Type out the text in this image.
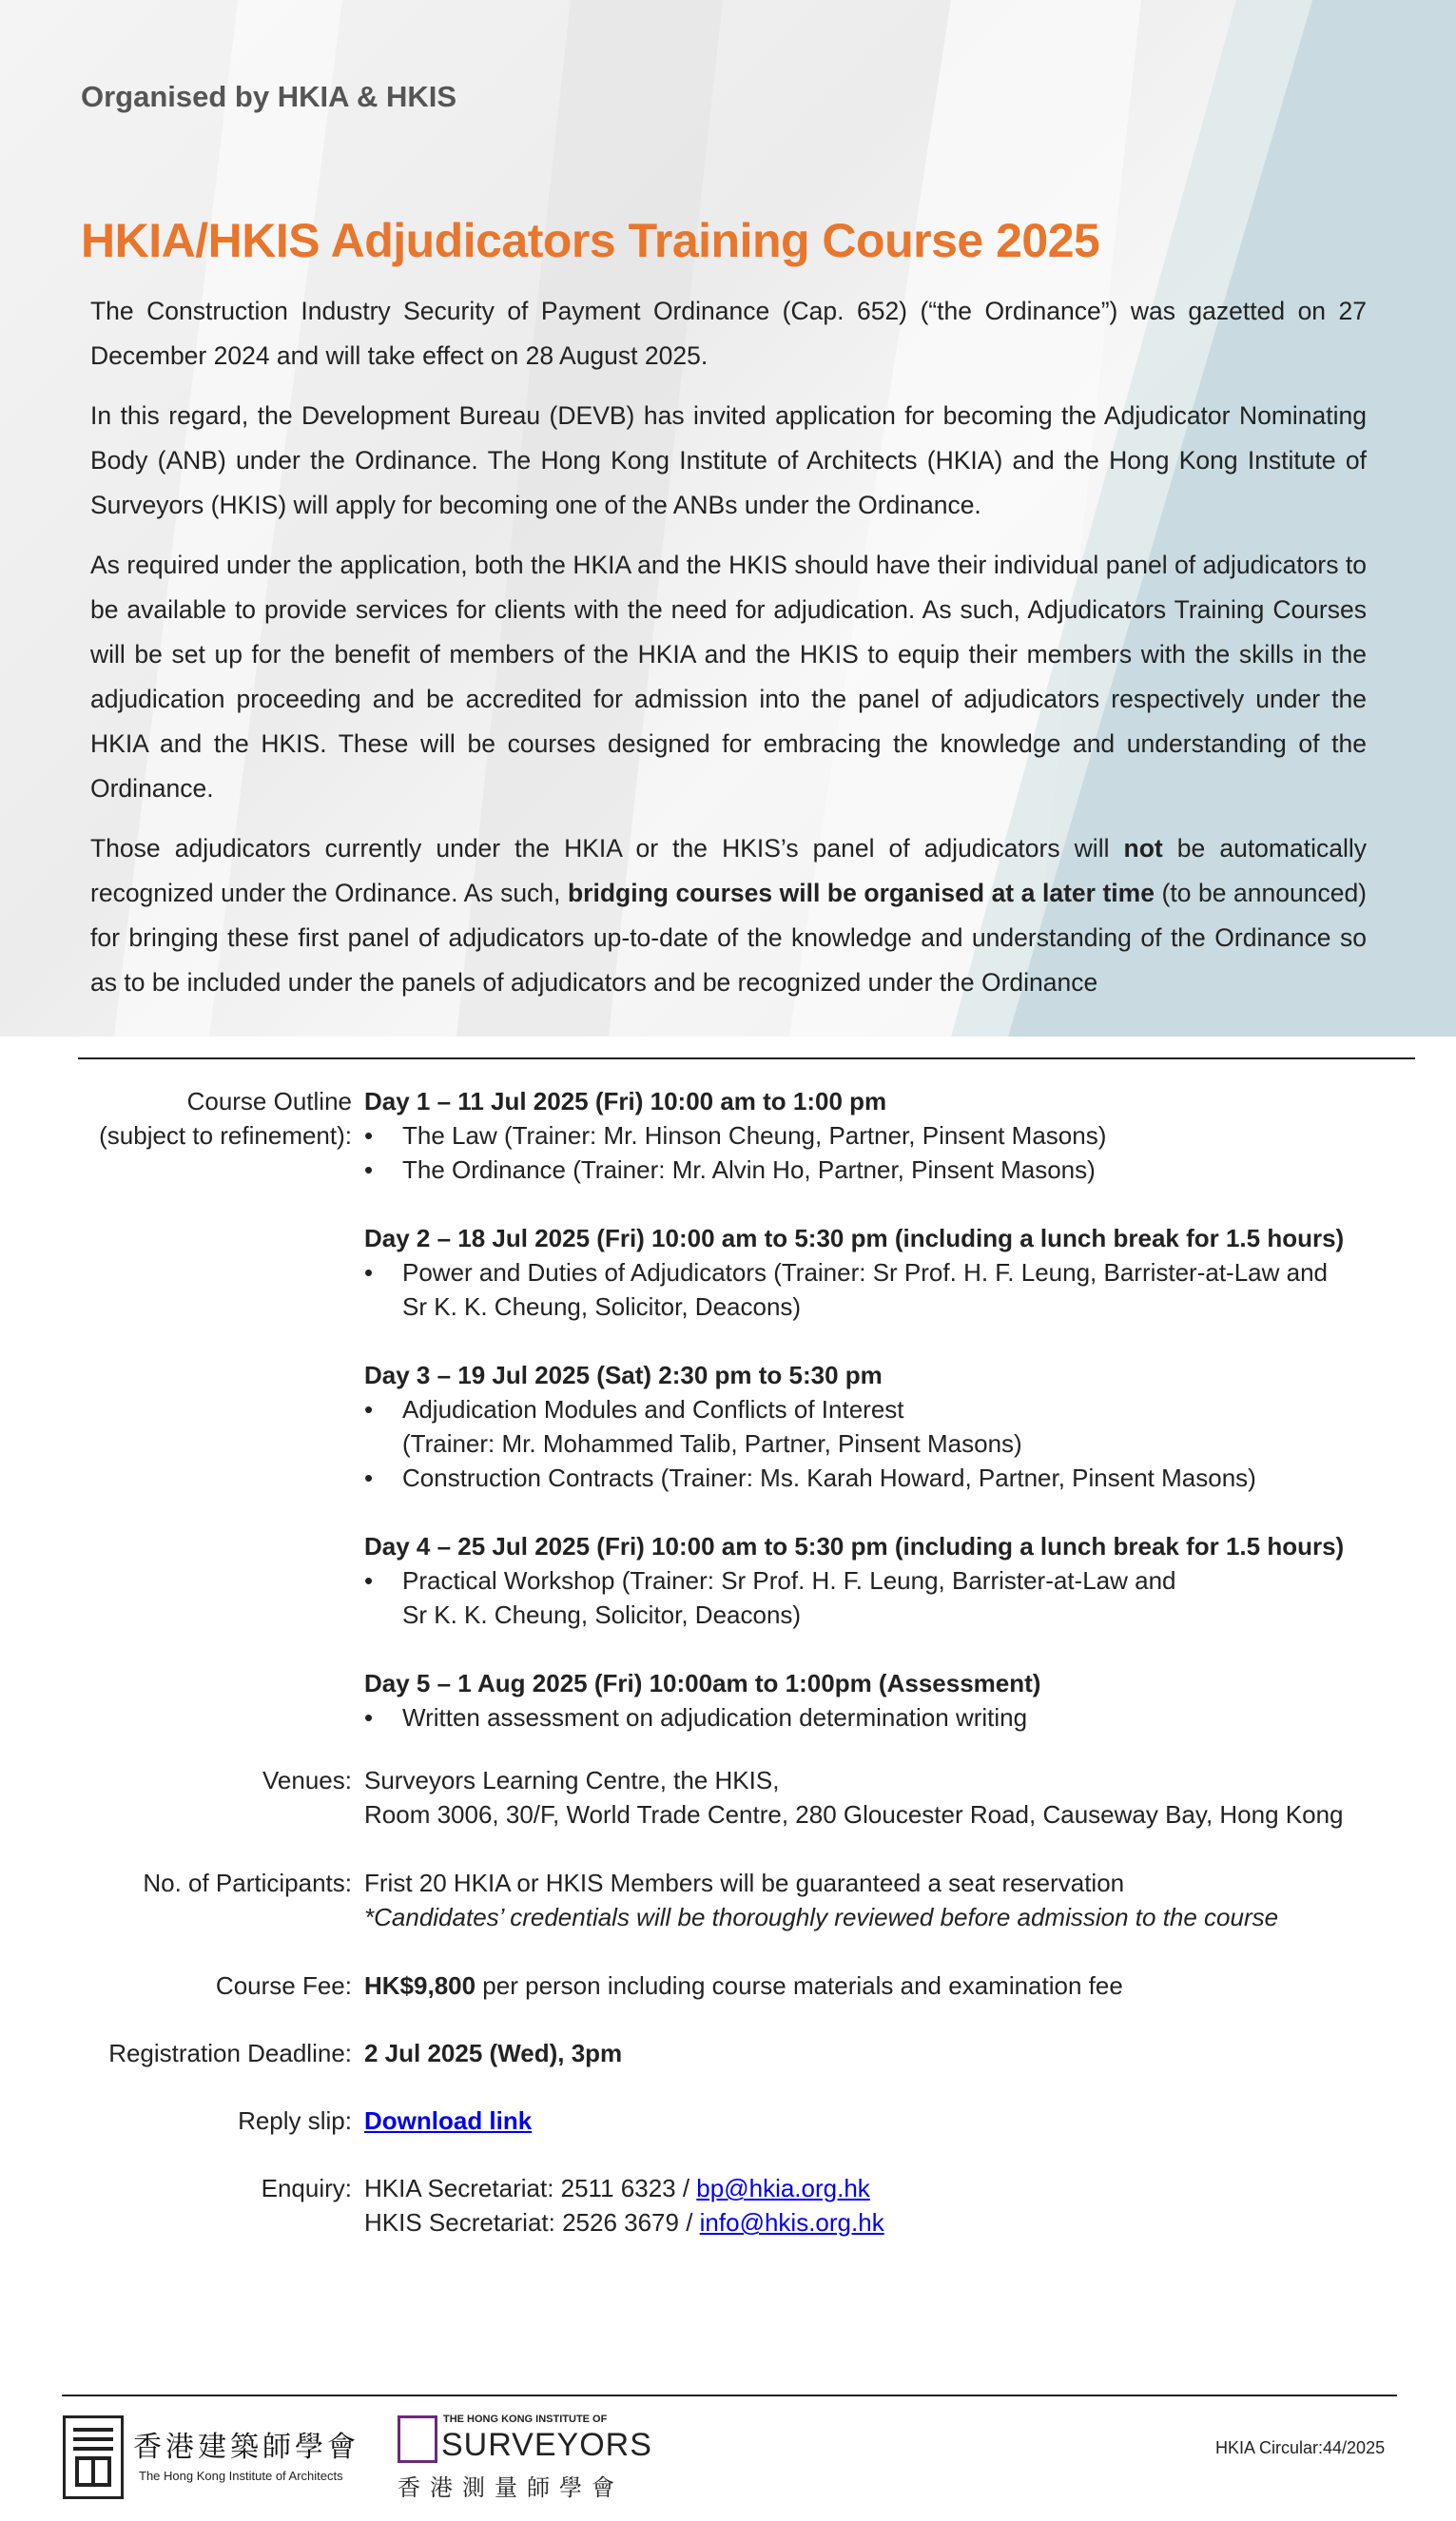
Organised by HKIA & HKIS
HKIA/HKIS Adjudicators Training Course 2025

The Construction Industry Security of Payment Ordinance (Cap. 652) (“the Ordinance”) was gazetted on 27 December 2024 and will take effect on 28 August 2025.

In this regard, the Development Bureau (DEVB) has invited application for becoming the Adjudicator Nominating Body (ANB) under the Ordinance. The Hong Kong Institute of Architects (HKIA) and the Hong Kong Institute of Surveyors (HKIS) will apply for becoming one of the ANBs under the Ordinance.

As required under the application, both the HKIA and the HKIS should have their individual panel of adjudicators to be available to provide services for clients with the need for adjudication. As such, Adjudicators Training Courses will be set up for the benefit of members of the HKIA and the HKIS to equip their members with the skills in the adjudication proceeding and be accredited for admission into the panel of adjudicators respectively under the HKIA and the HKIS. These will be courses designed for embracing the knowledge and understanding of the Ordinance.

Those adjudicators currently under the HKIA or the HKIS’s panel of adjudicators will not be automatically recognized under the Ordinance. As such, bridging courses will be organised at a later time (to be announced) for bringing these first panel of adjudicators up-to-date of the knowledge and understanding of the Ordinance so as to be included under the panels of adjudicators and be recognized under the Ordinance

Course Outline
(subject to refinement):
Day 1 – 11 Jul 2025 (Fri) 10:00 am to 1:00 pm
• The Law (Trainer: Mr. Hinson Cheung, Partner, Pinsent Masons)
• The Ordinance (Trainer: Mr. Alvin Ho, Partner, Pinsent Masons)
Day 2 – 18 Jul 2025 (Fri) 10:00 am to 5:30 pm (including a lunch break for 1.5 hours)
• Power and Duties of Adjudicators (Trainer: Sr Prof. H. F. Leung, Barrister-at-Law and
Sr K. K. Cheung, Solicitor, Deacons)
Day 3 – 19 Jul 2025 (Sat) 2:30 pm to 5:30 pm
• Adjudication Modules and Conflicts of Interest
(Trainer: Mr. Mohammed Talib, Partner, Pinsent Masons)
• Construction Contracts (Trainer: Ms. Karah Howard, Partner, Pinsent Masons)
Day 4 – 25 Jul 2025 (Fri) 10:00 am to 5:30 pm (including a lunch break for 1.5 hours)
• Practical Workshop (Trainer: Sr Prof. H. F. Leung, Barrister-at-Law and
Sr K. K. Cheung, Solicitor, Deacons)
Day 5 – 1 Aug 2025 (Fri) 10:00am to 1:00pm (Assessment)
• Written assessment on adjudication determination writing
Venues: Surveyors Learning Centre, the HKIS,
Room 3006, 30/F, World Trade Centre, 280 Gloucester Road, Causeway Bay, Hong Kong
No. of Participants: Frist 20 HKIA or HKIS Members will be guaranteed a seat reservation
*Candidates’ credentials will be thoroughly reviewed before admission to the course
Course Fee: HK$9,800 per person including course materials and examination fee
Registration Deadline: 2 Jul 2025 (Wed), 3pm
Reply slip: Download link
Enquiry: HKIA Secretariat: 2511 6323 / bp@hkia.org.hk
HKIS Secretariat: 2526 3679 / info@hkis.org.hk
香港建築師學會
The Hong Kong Institute of Architects
THE HONG KONG INSTITUTE OF
SURVEYORS
香港測量師學會
HKIA Circular:44/2025
